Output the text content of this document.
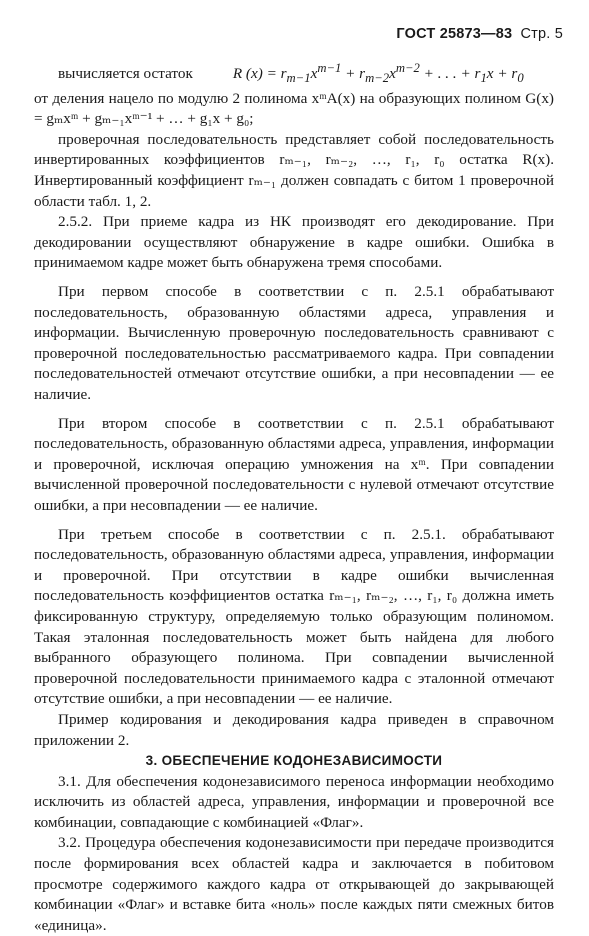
ГОСТ 25873—83 Стр. 5

вычисляется остаток	R $(x) = r_{m-1}x^{m-1} + r_{m-2}x^{m-2}$ + . . . + $r_1x + r_0$

от деления нацело по модулю 2 полинома xᵐA(x) на образующих полином G(x) = gₘxᵐ + gₘ₋₁xᵐ⁻¹ + … + g₁x + g₀;

проверочная последовательность представляет собой последовательность инвертированных коэффициентов rₘ₋₁, rₘ₋₂, …, r₁, r₀ остатка R(x). Инвертированный коэффициент rₘ₋₁ должен совпадать с битом 1 проверочной области табл. 1, 2.

2.5.2. При приеме кадра из НК производят его декодирование. При декодировании осуществляют обнаружение в кадре ошибки. Ошибка в принимаемом кадре может быть обнаружена тремя способами.

При первом способе в соответствии с п. 2.5.1 обрабатывают последовательность, образованную областями адреса, управления и информации. Вычисленную проверочную последовательность сравнивают с проверочной последовательностью рассматриваемого кадра. При совпадении последовательностей отмечают отсутствие ошибки, а при несовпадении — ее наличие.

При втором способе в соответствии с п. 2.5.1 обрабатывают последовательность, образованную областями адреса, управления, информации и проверочной, исключая операцию умножения на xᵐ. При совпадении вычисленной проверочной последовательности с нулевой отмечают отсутствие ошибки, а при несовпадении — ее наличие.

При третьем способе в соответствии с п. 2.5.1. обрабатывают последовательность, образованную областями адреса, управления, информации и проверочной. При отсутствии в кадре ошибки вычисленная последовательность коэффициентов остатка rₘ₋₁, rₘ₋₂, …, r₁, r₀ должна иметь фиксированную структуру, определяемую только образующим полиномом. Такая эталонная последовательность может быть найдена для любого выбранного образующего полинома. При совпадении вычисленной проверочной последовательности принимаемого кадра с эталонной отмечают отсутствие ошибки, а при несовпадении — ее наличие.

Пример кодирования и декодирования кадра приведен в справочном приложении 2.

3. ОБЕСПЕЧЕНИЕ КОДОНЕЗАВИСИМОСТИ

3.1. Для обеспечения кодонезависимого переноса информации необходимо исключить из областей адреса, управления, информации и проверочной все комбинации, совпадающие с комбинацией «Флаг».

3.2. Процедура обеспечения кодонезависимости при передаче производится после формирования всех областей кадра и заключается в побитовом просмотре содержимого каждого кадра от открывающей до закрывающей комбинации «Флаг» и вставке бита «ноль» после каждых пяти смежных битов «единица».
